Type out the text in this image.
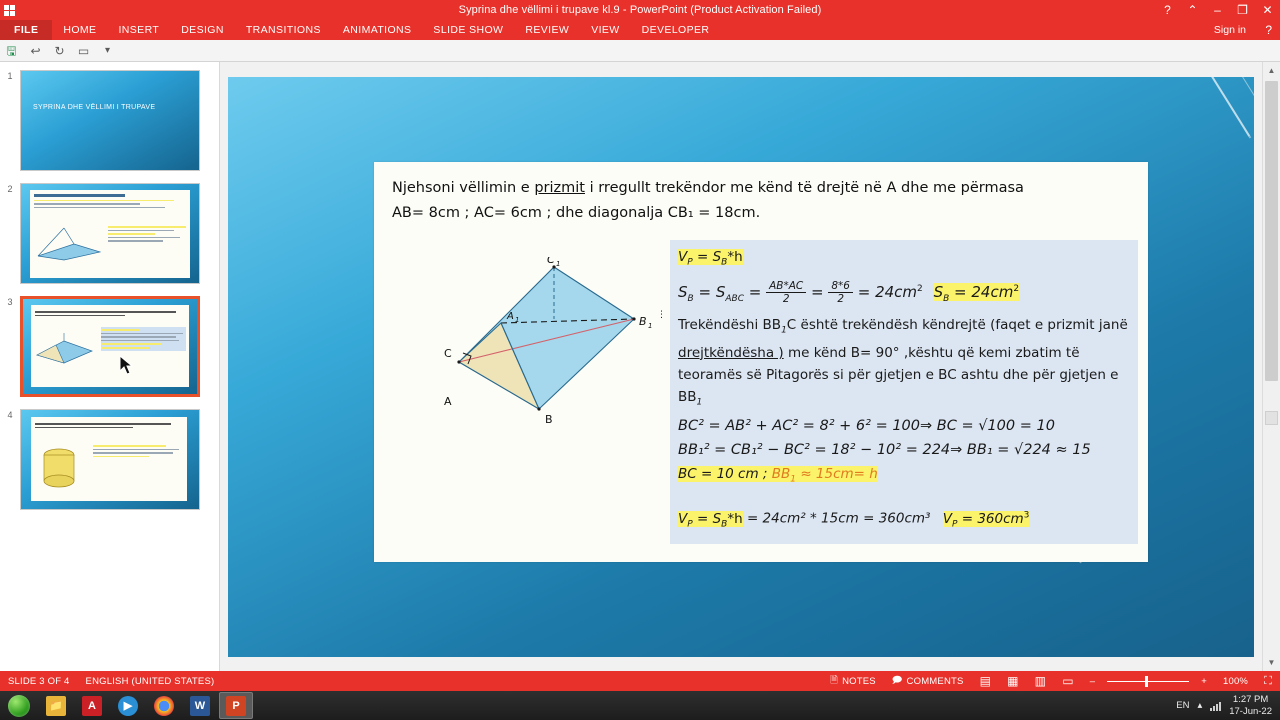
Syprina dhe vëllimi i trupave kl.9 - PowerPoint (Product Activation Failed)	?	⌃	–	❐	✕
FILE	HOME	INSERT	DESIGN	TRANSITIONS	ANIMATIONS	SLIDE SHOW	REVIEW	VIEW	DEVELOPER	Sign in ?
🖫 ↩ ↻ ▭	▾
1
SYPRINA DHE VËLLIMI I TRUPAVE
2
3
4
Njehsoni vëllimin e prizmit i rregullt trekëndor me kënd të drejtë në A dhe me përmasa
AB= 8cm ; AC= 6cm ; dhe diagonalja CB₁ = 18cm.
C 1
C
A 1	B 1
A
B
⋮
$V_P = S_B*h$
$S_B = S_{ABC} = \frac{AB*AC}{2} = \frac{8*6}{2} = 24cm^2$ $S_B = 24cm^2$
Trekëndëshi $BB_1C$ është trekëndësh këndrejtë (faqet e prizmit janë drejtkëndësha ) me kënd B= 90° ,kështu që kemi zbatim të teoramës së Pitagorës si për gjetjen e BC ashtu dhe për gjetjen e $BB_1$
BC² = AB² + AC² = 8² + 6² = 100⇒ BC = √100 = 10
BB₁² = CB₁² − BC² = 18² − 10² = 224⇒ BB₁ = √224 ≈ 15
BC = 10 cm ; $BB_1 \approx 15cm= h$
$V_P = S_B*h = 24cm^2 * 15cm = 360cm^3$ $V_P = 360cm^3$
▲
▼
SLIDE 3 OF 4	ENGLISH (UNITED STATES)	🗎 NOTES 🗩 COMMENTS	▤	▦	▥	▭	–	+	100%	⛶
📁	A	▶	W	P	EN ▴
1:27 PM
17-Jun-22
